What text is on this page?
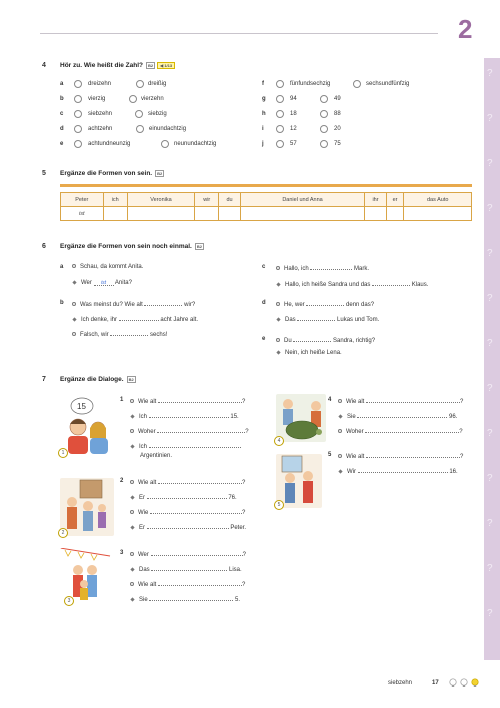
2
?
?
?
?
?
?
?
?
?
?
?
?
?
4 Hör zu. Wie heißt die Zahl? B2 ◀ 1/13
a	dreizehn	dreißig
b	vierzig	vierzehn
c	siebzehn	siebzig
d	achtzehn	einundachtzig
e	achtundneunzig	neunundachtzig
f	fünfundsechzig	sechsundfünfzig
g	94	49
h	18	88
i	12	20
j	57	75
5 Ergänze die Formen von sein. B2
Peter	ich	Veronika	wir	du	Daniel und Anna	ihr	er	das Auto
ist								
6 Ergänze die Formen von sein noch einmal. B2
a	Schau, da kommt Anita.
Wer ist Anita?
b	Was meinst du? Wie alt	wir?
Ich denke, ihr	acht Jahre alt.
Falsch, wir	sechs!
c	Hallo, ich	Mark.
Hallo, ich heiße Sandra und das	Klaus.
d	He, wer	denn das?
Das	Lukas und Tom.
e	Du	Sandra, richtig?
Nein, ich heiße Lena.
7 Ergänze die Dialoge. B2
15
1
2
3
4
5
1	Wie alt	?
Ich	15.
Woher	?
Ich
Argentinien.
2	Wie alt	?
Er	76.
Wie	?
Er	Peter.
3	Wer	?
Das	Lisa.
Wie alt	?
Sie	5.
4	Wie alt	?
Sie	96.
Woher	?
5	Wie alt	?
Wir	16.
siebzehn	17
